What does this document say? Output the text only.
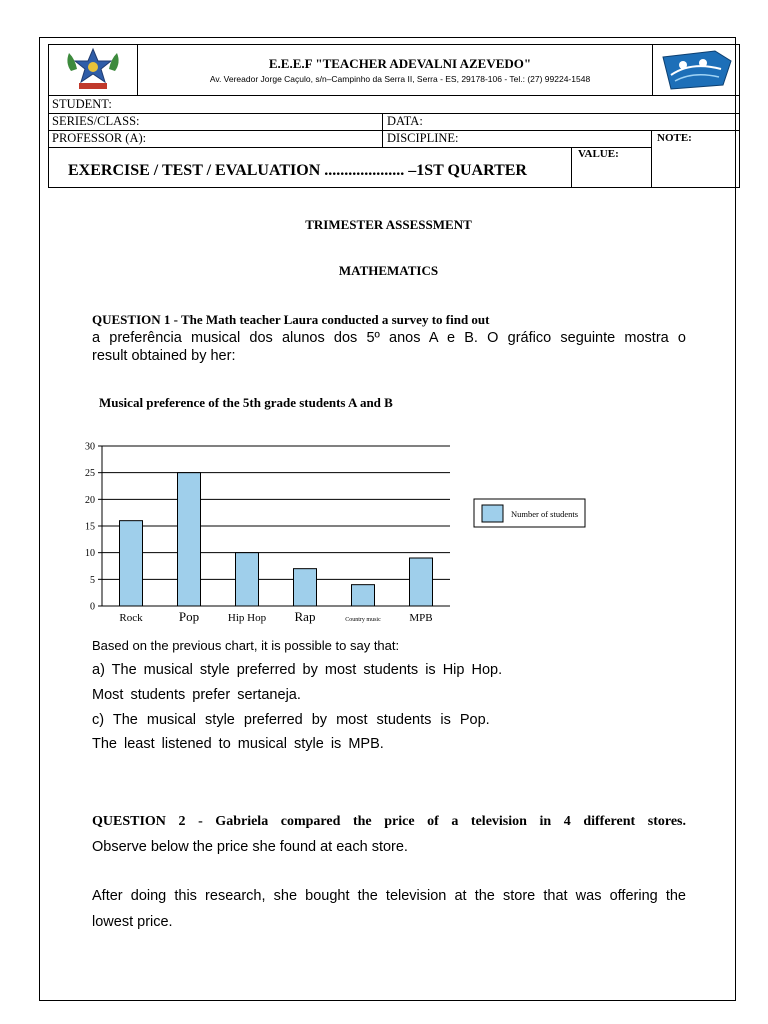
E.E.E.F "TEACHER ADEVALNI AZEVEDO"
Av. Vereador Jorge Caçulo, s/n–Campinho da Serra II, Serra - ES, 29178-106 - Tel.: (27) 99224-1548
STUDENT:
SERIES/CLASS:	DATA:
PROFESSOR (A):	DISCIPLINE:	NOTE:
VALUE:
EXERCISE / TEST / EVALUATION .................... –1ST QUARTER
TRIMESTER ASSESSMENT
MATHEMATICS
QUESTION 1 - The Math teacher Laura conducted a survey to find out
a preferência musical dos alunos dos 5º anos A e B. O gráfico seguinte mostra o
result obtained by her:
Musical preference of the 5th grade students A and B
0
5
10
15
20
25
30
Rock	Pop	Hip Hop Rap	Country music	MPB
Number of students
Based on the previous chart, it is possible to say that:
a) The musical style preferred by most students is Hip Hop.
Most students prefer sertaneja.
c) The musical style preferred by most students is Pop.
The least listened to musical style is MPB.
QUESTION 2 - Gabriela compared the price of a television in 4 different stores.
Observe below the price she found at each store.
After doing this research, she bought the television at the store that was offering the
lowest price.
